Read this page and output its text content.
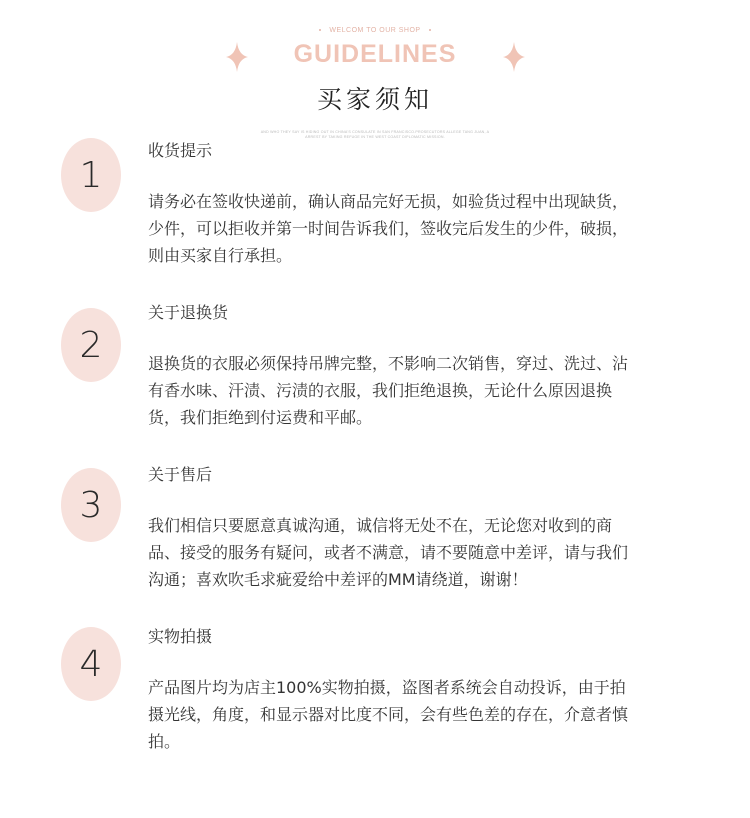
WELCOM TO OUR SHOP
GUIDELINES
买家须知
AND WHO THEY SAY IS HIDING OUT IN CHINA'S CONSULATE IN SAN FRANCISCO.PROSECUTORS ALLEGE TANG JUAN, A
ARREST BY TAKING REFUGE IN THE WEST COAST DIPLOMATIC MISSION.
1
收货提示
请务必在签收快递前，确认商品完好无损，如验货过程中出现缺货，
少件，可以拒收并第一时间告诉我们，签收完后发生的少件，破损，
则由买家自行承担。
2
关于退换货
退换货的衣服必须保持吊牌完整，不影响二次销售，穿过、洗过、沾
有香水味、汗渍、污渍的衣服，我们拒绝退换，无论什么原因退换
货，我们拒绝到付运费和平邮。
3
关于售后
我们相信只要愿意真诚沟通，诚信将无处不在，无论您对收到的商
品、接受的服务有疑问，或者不满意，请不要随意中差评，请与我们
沟通；喜欢吹毛求疵爱给中差评的MM请绕道，谢谢！
4
实物拍摄
产品图片均为店主100%实物拍摄，盗图者系统会自动投诉，由于拍
摄光线，角度，和显示器对比度不同，会有些色差的存在，介意者慎
拍。
